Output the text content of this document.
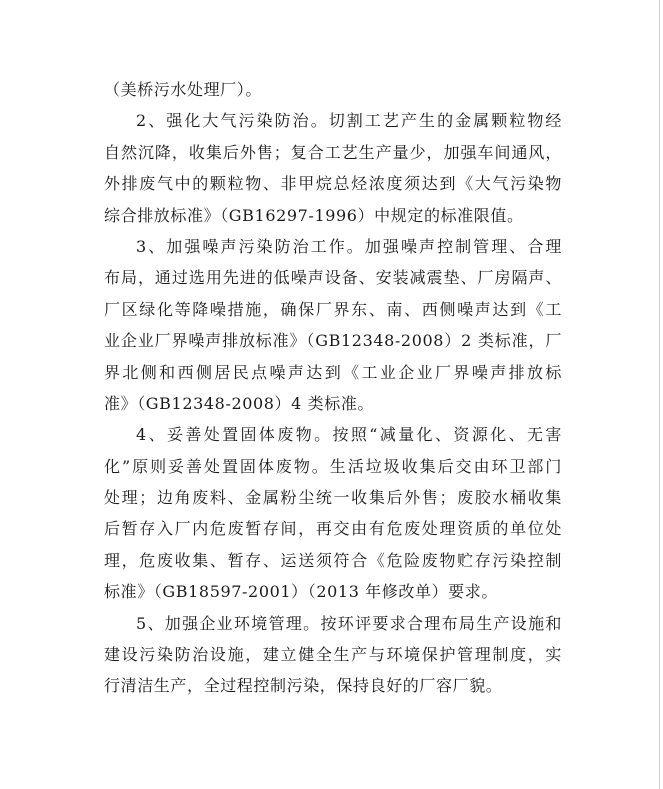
（美桥污水处理厂）。
2、强化大气污染防治。切割工艺产生的金属颗粒物经
自然沉降，收集后外售；复合工艺生产量少，加强车间通风，
外排废气中的颗粒物、非甲烷总烃浓度须达到《大气污染物
综合排放标准》（GB16297-1996）中规定的标准限值。
3、加强噪声污染防治工作。加强噪声控制管理、合理
布局，通过选用先进的低噪声设备、安装减震垫、厂房隔声、
厂区绿化等降噪措施，确保厂界东、南、西侧噪声达到《工
业企业厂界噪声排放标准》（GB12348-2008）2 类标准，厂
界北侧和西侧居民点噪声达到《工业企业厂界噪声排放标
准》（GB12348-2008）4 类标准。
4、妥善处置固体废物。按照“减量化、资源化、无害
化”原则妥善处置固体废物。生活垃圾收集后交由环卫部门
处理；边角废料、金属粉尘统一收集后外售；废胶水桶收集
后暂存入厂内危废暂存间，再交由有危废处理资质的单位处
理，危废收集、暂存、运送须符合《危险废物贮存污染控制
标准》（GB18597-2001）（2013 年修改单）要求。
5、加强企业环境管理。按环评要求合理布局生产设施和
建设污染防治设施，建立健全生产与环境保护管理制度，实
行清洁生产，全过程控制污染，保持良好的厂容厂貌。
